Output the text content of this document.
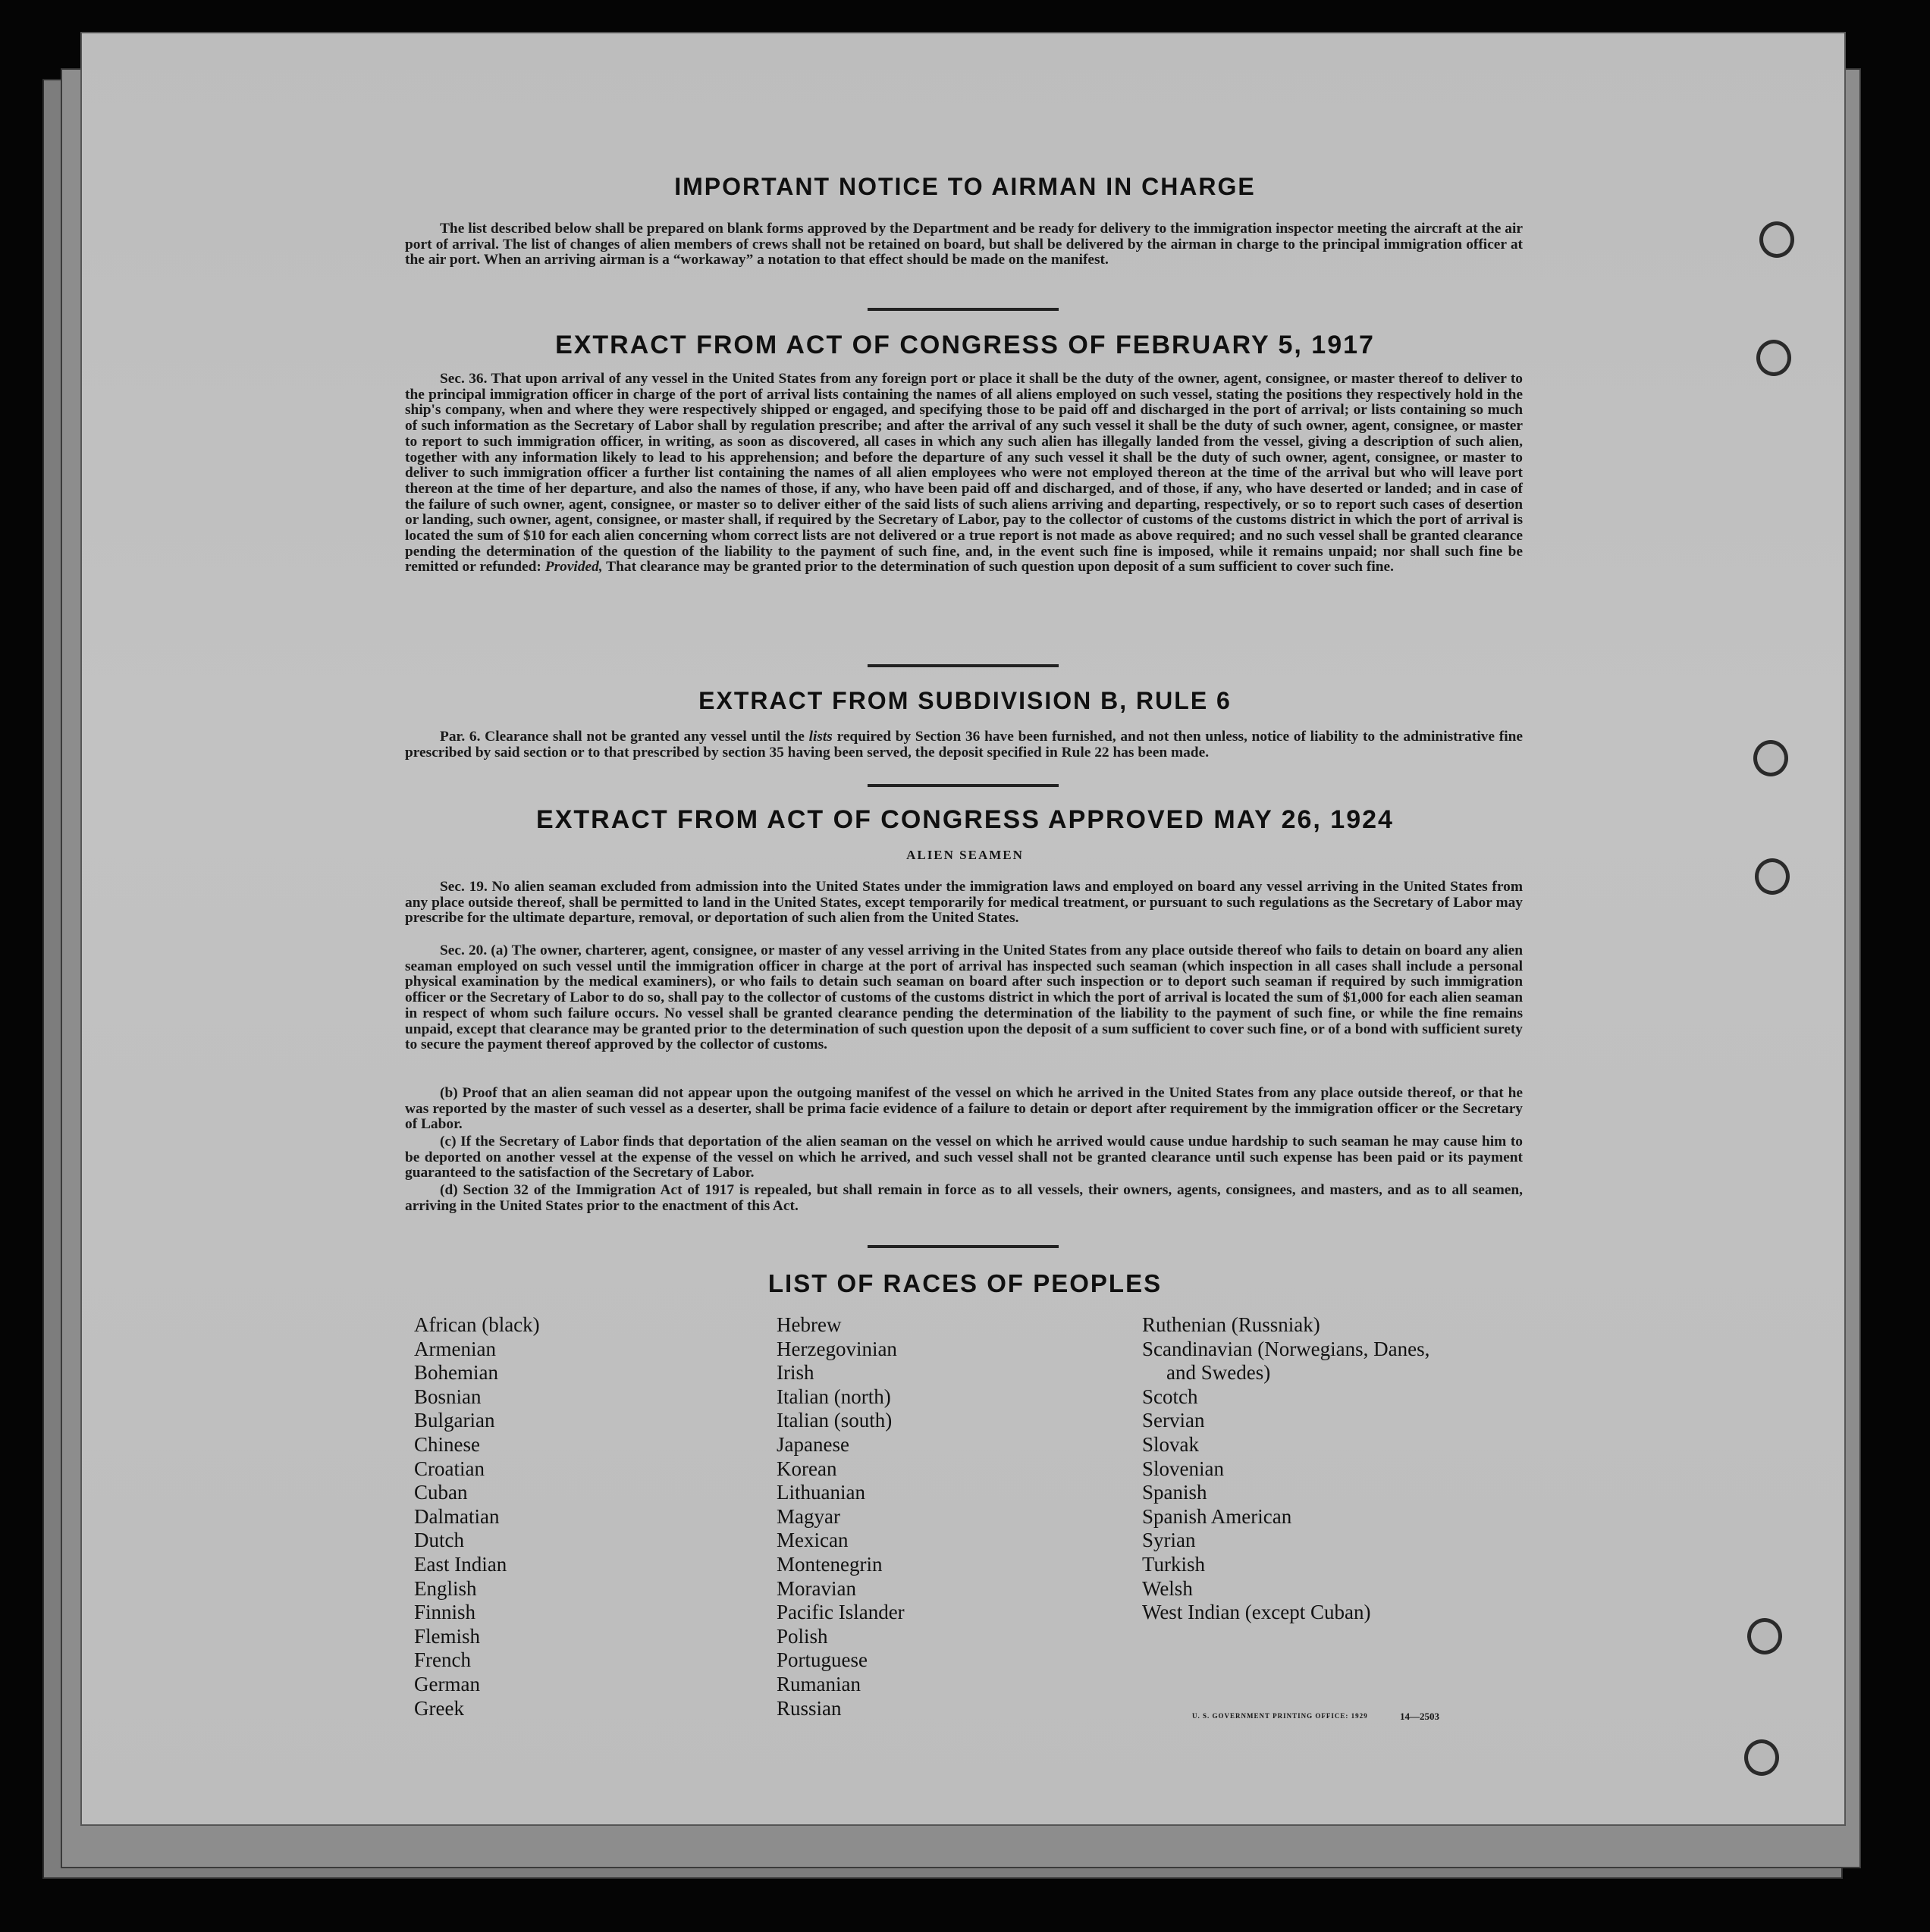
IMPORTANT NOTICE TO AIRMAN IN CHARGE

The list described below shall be prepared on blank forms approved by the Department and be ready for delivery to the immigration inspector meeting the aircraft at the air port of arrival. The list of changes of alien members of crews shall not be retained on board, but shall be delivered by the airman in charge to the principal immigration officer at the air port. When an arriving airman is a “workaway” a notation to that effect should be made on the manifest.

EXTRACT FROM ACT OF CONGRESS OF FEBRUARY 5, 1917

Sec. 36. That upon arrival of any vessel in the United States from any foreign port or place it shall be the duty of the owner, agent, consignee, or master thereof to deliver to the principal immigration officer in charge of the port of arrival lists containing the names of all aliens employed on such vessel, stating the positions they respectively hold in the ship's company, when and where they were respectively shipped or engaged, and specifying those to be paid off and discharged in the port of arrival; or lists containing so much of such information as the Secretary of Labor shall by regulation prescribe; and after the arrival of any such vessel it shall be the duty of such owner, agent, consignee, or master to report to such immigration officer, in writing, as soon as discovered, all cases in which any such alien has illegally landed from the vessel, giving a description of such alien, together with any information likely to lead to his apprehension; and before the departure of any such vessel it shall be the duty of such owner, agent, consignee, or master to deliver to such immigration officer a further list containing the names of all alien employees who were not employed thereon at the time of the arrival but who will leave port thereon at the time of her departure, and also the names of those, if any, who have been paid off and discharged, and of those, if any, who have deserted or landed; and in case of the failure of such owner, agent, consignee, or master so to deliver either of the said lists of such aliens arriving and departing, respectively, or so to report such cases of desertion or landing, such owner, agent, consignee, or master shall, if required by the Secretary of Labor, pay to the collector of customs of the customs district in which the port of arrival is located the sum of $10 for each alien concerning whom correct lists are not delivered or a true report is not made as above required; and no such vessel shall be granted clearance pending the determination of the question of the liability to the payment of such fine, and, in the event such fine is imposed, while it remains unpaid; nor shall such fine be remitted or refunded: Provided, That clearance may be granted prior to the determination of such question upon deposit of a sum sufficient to cover such fine.

EXTRACT FROM SUBDIVISION B, RULE 6

Par. 6. Clearance shall not be granted any vessel until the lists required by Section 36 have been furnished, and not then unless, notice of liability to the administrative fine prescribed by said section or to that prescribed by section 35 having been served, the deposit specified in Rule 22 has been made.

EXTRACT FROM ACT OF CONGRESS APPROVED MAY 26, 1924
ALIEN SEAMEN

Sec. 19. No alien seaman excluded from admission into the United States under the immigration laws and employed on board any vessel arriving in the United States from any place outside thereof, shall be permitted to land in the United States, except temporarily for medical treatment, or pursuant to such regulations as the Secretary of Labor may prescribe for the ultimate departure, removal, or deportation of such alien from the United States.

Sec. 20. (a) The owner, charterer, agent, consignee, or master of any vessel arriving in the United States from any place outside thereof who fails to detain on board any alien seaman employed on such vessel until the immigration officer in charge at the port of arrival has inspected such seaman (which inspection in all cases shall include a personal physical examination by the medical examiners), or who fails to detain such seaman on board after such inspection or to deport such seaman if required by such immigration officer or the Secretary of Labor to do so, shall pay to the collector of customs of the customs district in which the port of arrival is located the sum of $1,000 for each alien seaman in respect of whom such failure occurs. No vessel shall be granted clearance pending the determination of the liability to the payment of such fine, or while the fine remains unpaid, except that clearance may be granted prior to the determination of such question upon the deposit of a sum sufficient to cover such fine, or of a bond with sufficient surety to secure the payment thereof approved by the collector of customs.

(b) Proof that an alien seaman did not appear upon the outgoing manifest of the vessel on which he arrived in the United States from any place outside thereof, or that he was reported by the master of such vessel as a deserter, shall be prima facie evidence of a failure to detain or deport after requirement by the immigration officer or the Secretary of Labor.

(c) If the Secretary of Labor finds that deportation of the alien seaman on the vessel on which he arrived would cause undue hardship to such seaman he may cause him to be deported on another vessel at the expense of the vessel on which he arrived, and such vessel shall not be granted clearance until such expense has been paid or its payment guaranteed to the satisfaction of the Secretary of Labor.

(d) Section 32 of the Immigration Act of 1917 is repealed, but shall remain in force as to all vessels, their owners, agents, consignees, and masters, and as to all seamen, arriving in the United States prior to the enactment of this Act.

LIST OF RACES OF PEOPLES
African (black)
Armenian
Bohemian
Bosnian
Bulgarian
Chinese
Croatian
Cuban
Dalmatian
Dutch
East Indian
English
Finnish
Flemish
French
German
Greek
Hebrew
Herzegovinian
Irish
Italian (north)
Italian (south)
Japanese
Korean
Lithuanian
Magyar
Mexican
Montenegrin
Moravian
Pacific Islander
Polish
Portuguese
Rumanian
Russian
Ruthenian (Russniak)
Scandinavian (Norwegians, Danes,
and Swedes)
Scotch
Servian
Slovak
Slovenian
Spanish
Spanish American
Syrian
Turkish
Welsh
West Indian (except Cuban)
U. S. GOVERNMENT PRINTING OFFICE: 1929	14—2503
